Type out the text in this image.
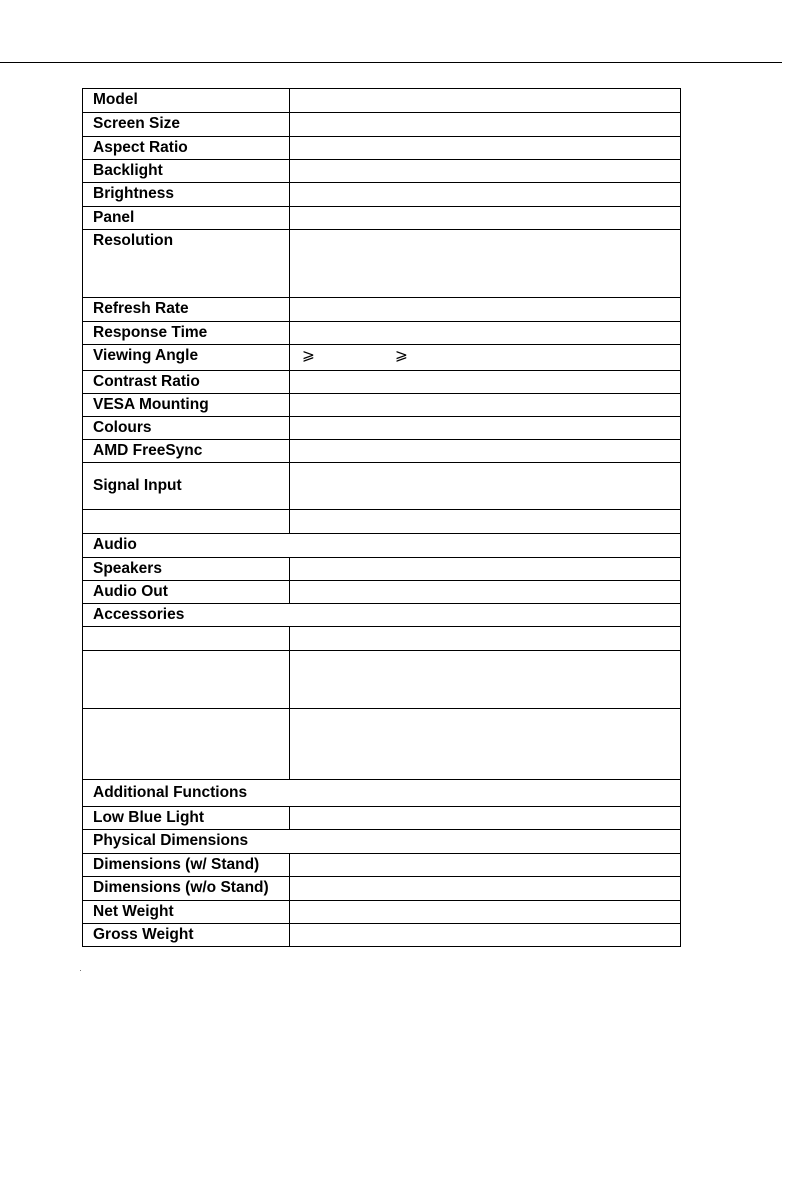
Model	
Screen Size	
Aspect Ratio	
Backlight	
Brightness	
Panel	
Resolution	
Refresh Rate	
Response Time	
Viewing Angle	⩾ ⩾
Contrast Ratio	
VESA Mounting	
Colours	
AMD FreeSync	
Signal Input	

Audio	
Speakers	
Audio Out	
Accessories	

Additional Functions	
Low Blue Light	
Physical Dimensions	
Dimensions (w/ Stand)	
Dimensions (w/o Stand)	
Net Weight	
Gross Weight	
